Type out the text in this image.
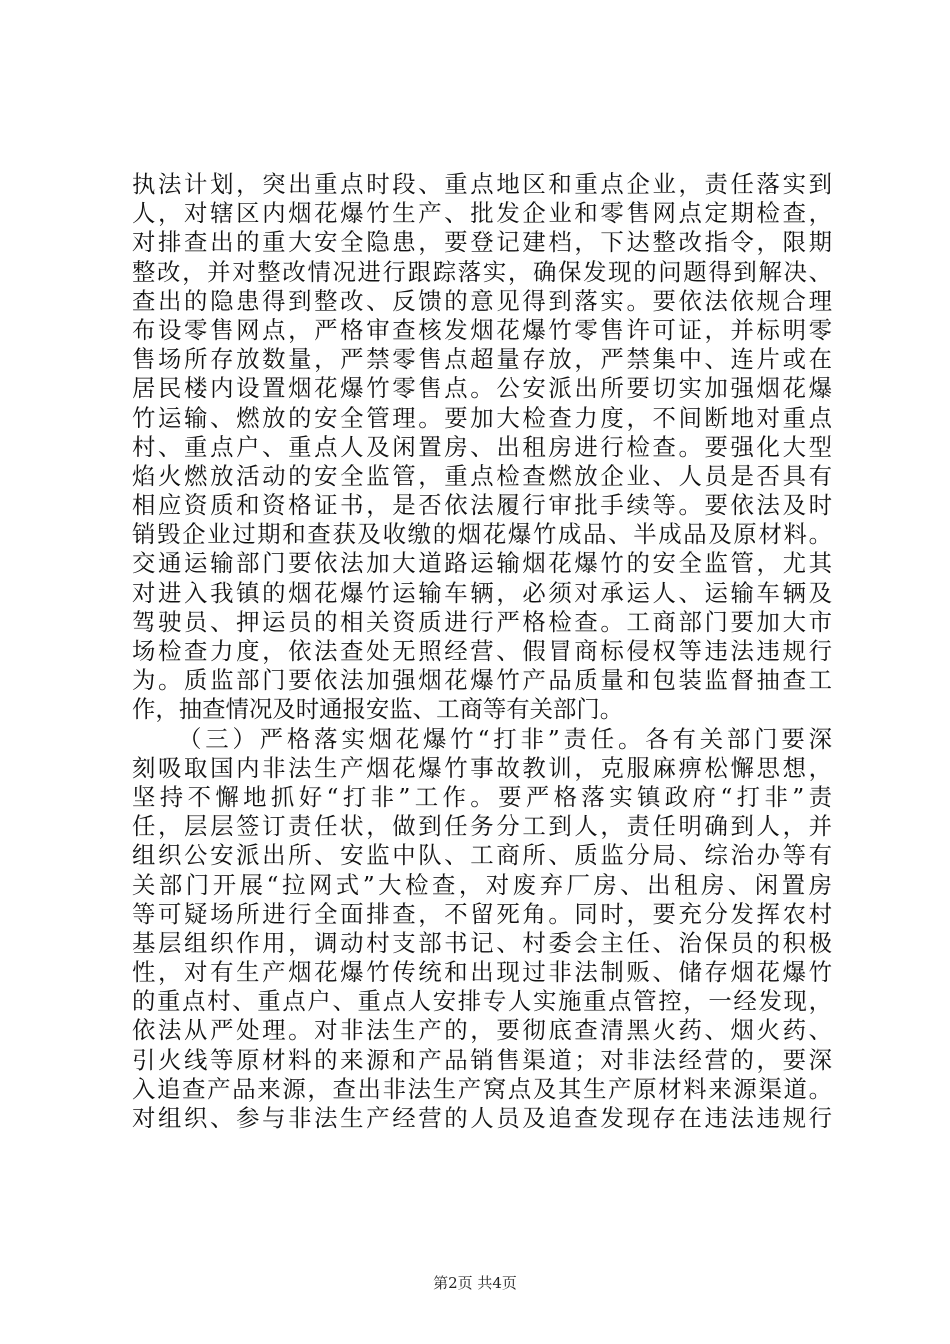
执法计划，突出重点时段、重点地区和重点企业，责任落实到
人，对辖区内烟花爆竹生产、批发企业和零售网点定期检查，
对排查出的重大安全隐患，要登记建档，下达整改指令，限期
整改，并对整改情况进行跟踪落实，确保发现的问题得到解决、
查出的隐患得到整改、反馈的意见得到落实。要依法依规合理
布设零售网点，严格审查核发烟花爆竹零售许可证，并标明零
售场所存放数量，严禁零售点超量存放，严禁集中、连片或在
居民楼内设置烟花爆竹零售点。公安派出所要切实加强烟花爆
竹运输、燃放的安全管理。要加大检查力度，不间断地对重点
村、重点户、重点人及闲置房、出租房进行检查。要强化大型
焰火燃放活动的安全监管，重点检查燃放企业、人员是否具有
相应资质和资格证书，是否依法履行审批手续等。要依法及时
销毁企业过期和查获及收缴的烟花爆竹成品、半成品及原材料。
交通运输部门要依法加大道路运输烟花爆竹的安全监管，尤其
对进入我镇的烟花爆竹运输车辆，必须对承运人、运输车辆及
驾驶员、押运员的相关资质进行严格检查。工商部门要加大市
场检查力度，依法查处无照经营、假冒商标侵权等违法违规行
为。质监部门要依法加强烟花爆竹产品质量和包装监督抽查工
作，抽查情况及时通报安监、工商等有关部门。
（三）严格落实烟花爆竹“打非”责任。各有关部门要深
刻吸取国内非法生产烟花爆竹事故教训，克服麻痹松懈思想，
坚持不懈地抓好“打非”工作。要严格落实镇政府“打非”责
任，层层签订责任状，做到任务分工到人，责任明确到人，并
组织公安派出所、安监中队、工商所、质监分局、综治办等有
关部门开展“拉网式”大检查，对废弃厂房、出租房、闲置房
等可疑场所进行全面排查，不留死角。同时，要充分发挥农村
基层组织作用，调动村支部书记、村委会主任、治保员的积极
性，对有生产烟花爆竹传统和出现过非法制贩、储存烟花爆竹
的重点村、重点户、重点人安排专人实施重点管控，一经发现，
依法从严处理。对非法生产的，要彻底查清黑火药、烟火药、
引火线等原材料的来源和产品销售渠道；对非法经营的，要深
入追查产品来源，查出非法生产窝点及其生产原材料来源渠道。
对组织、参与非法生产经营的人员及追查发现存在违法违规行
第2页 共4页
